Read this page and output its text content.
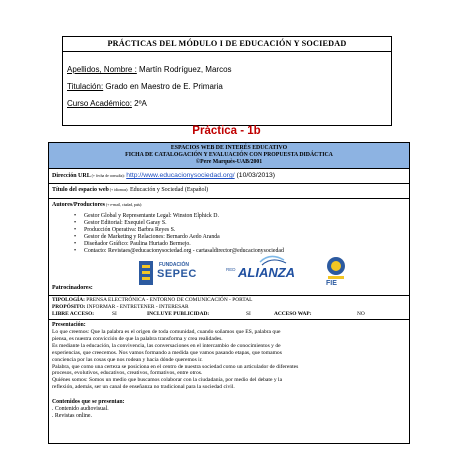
PRÁCTICAS DEL MÓDULO I DE EDUCACIÓN Y SOCIEDAD
Apellidos, Nombre : Martín Rodríguez, Marcos
Titulación: Grado en Maestro de E. Primaria
Curso Académico: 2ºA
Práctica - 1b
ESPACIOS WEB DE INTERÉS EDUCATIVO
FICHA DE CATALOGACIÓN Y EVALUACIÓN CON PROPUESTA DIDÁCTICA
©Pere Marquès-UAB/2001
Dirección URL (+ fecha de consulta): http://www.educacionysociedad.org/ (10/03/2013)
Título del espacio web (+ idiomas): Educación y Sociedad (Español)
Autores/Productores (+ e-mail, ciudad, país):
• Gestor Global y Representante Legal: Winston Elphick D.
• Gestor Editorial: Exequiel Garay S.
• Producción Operativa: Barbra Reyes S.
• Gestor de Marketing y Relaciones: Bernardo Aedo Aranda
• Diseñador Gráfico: Paulina Hurtado Bermejo.
• Contacto: Revistaes@educacionysociedad.org - cartasaldirector@educacionysociedad
FUNDACIÓN
SEPEC	RED ALIANZA
FIE
Patrocinadores:
TIPOLOGÍA: PRENSA ELECTRÓNICA - ENTORNO DE COMUNICACIÓN - PORTAL
PROPÓSITO: INFORMAR - ENTRETENER - INTERESAR
LIBRE ACCESO:	SI	INCLUYE PUBLICIDAD:	SI	ACCESO WAP:	NO
Presentación:
Lo que creemos: Que la palabra es el origen de toda comunidad, cuando soñamos que ES, palabra que
piensa, es nuestra convicción de que la palabra transforma y crea realidades.
Es mediante la educación, la convivencia, las conversaciones en el intercambio de conocimientos y de
experiencias, que creecemos. Nos vamos formando a medida que vamos pasando etapas, que tomamos
conciencia por las cosas que nos rodean y hacia dónde queremos ir.
Palabra, que como una certeza se posiciona en el centro de nuestra sociedad como un articulador de diferentes
procesos, evolutivos, educativos, creativos, formativos, entre otros.
Quiénes somos: Somos un medio que buscamos colaborar con la ciudadanía, por medio del debate y la
reflexión, además, ser un canal de enseñanza no tradicional para la sociedad civil.
Contenidos que se presentan:
. Contenido audiovisual.
. Revistas online.
